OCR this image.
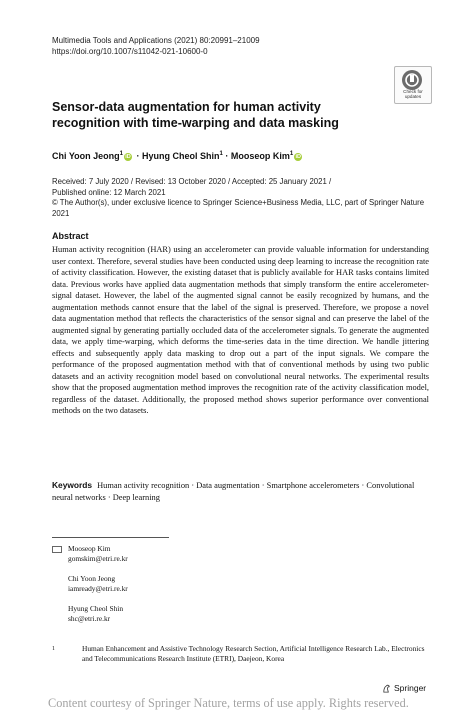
Multimedia Tools and Applications (2021) 80:20991–21009
https://doi.org/10.1007/s11042-021-10600-0
Check for
updates
Sensor-data augmentation for human activity recognition with time-warping and data masking
Chi Yoon Jeong$^1$ iD · Hyung Cheol Shin$^1$ · Mooseop Kim$^1$ iD
Received: 7 July 2020 / Revised: 13 October 2020 / Accepted: 25 January 2021 /
Published online: 12 March 2021
© The Author(s), under exclusive licence to Springer Science+Business Media, LLC, part of Springer Nature 2021
Abstract
Human activity recognition (HAR) using an accelerometer can provide valuable information for understanding user context. Therefore, several studies have been conducted using deep learning to increase the recognition rate of activity classification. However, the existing dataset that is publicly available for HAR tasks contains limited data. Previous works have applied data augmentation methods that simply transform the entire accelerometer-signal dataset. However, the label of the augmented signal cannot be easily recognized by humans, and the augmentation methods cannot ensure that the label of the signal is preserved. Therefore, we propose a novel data augmentation method that reflects the characteristics of the sensor signal and can preserve the label of the augmented signal by generating partially occluded data of the accelerometer signals. To generate the augmented data, we apply time-warping, which deforms the time-series data in the time direction. We handle jittering effects and subsequently apply data masking to drop out a part of the input signals. We compare the performance of the proposed augmentation method with that of conventional methods by using two public datasets and an activity recognition model based on convolutional neural networks. The experimental results show that the proposed augmentation method improves the recognition rate of the activity classification model, regardless of the dataset. Additionally, the proposed method shows superior performance over conventional methods on the two datasets.
Keywords Human activity recognition · Data augmentation · Smartphone accelerometers · Convolutional neural networks · Deep learning
Mooseop Kim
gomskim@etri.re.kr
Chi Yoon Jeong
iamready@etri.re.kr
Hyung Cheol Shin
shc@etri.re.kr
1	Human Enhancement and Assistive Technology Research Section, Artificial Intelligence Research Lab., Electronics and Telecommunications Research Institute (ETRI), Daejeon, Korea
Springer
Content courtesy of Springer Nature, terms of use apply. Rights reserved.
